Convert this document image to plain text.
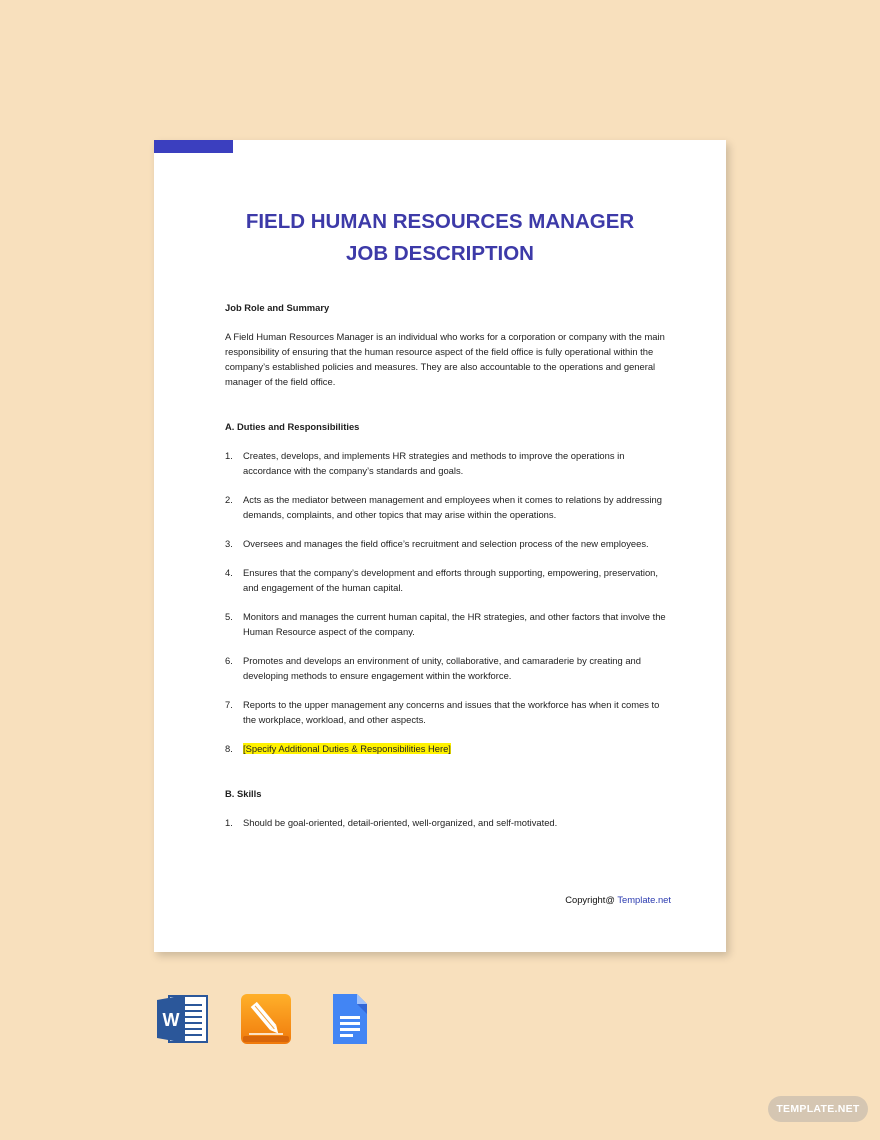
FIELD HUMAN RESOURCES MANAGER
JOB DESCRIPTION

Job Role and Summary

A Field Human Resources Manager is an individual who works for a corporation or company with the main responsibility of ensuring that the human resource aspect of the field office is fully operational within the company’s established policies and measures. They are also accountable to the operations and general manager of the field office.

A. Duties and Responsibilities

1. Creates, develops, and implements HR strategies and methods to improve the operations in accordance with the company’s standards and goals.
2. Acts as the mediator between management and employees when it comes to relations by addressing demands, complaints, and other topics that may arise within the operations.
3. Oversees and manages the field office’s recruitment and selection process of the new employees.
4. Ensures that the company’s development and efforts through supporting, empowering, preservation, and engagement of the human capital.
5. Monitors and manages the current human capital, the HR strategies, and other factors that involve the Human Resource aspect of the company.
6. Promotes and develops an environment of unity, collaborative, and camaraderie by creating and developing methods to ensure engagement within the workforce.
7. Reports to the upper management any concerns and issues that the workforce has when it comes to the workplace, workload, and other aspects.
8. [Specify Additional Duties & Responsibilities Here]

B. Skills

1. Should be goal-oriented, detail-oriented, well-organized, and self-motivated.
Copyright@ Template.net
W
TEMPLATE.NET
